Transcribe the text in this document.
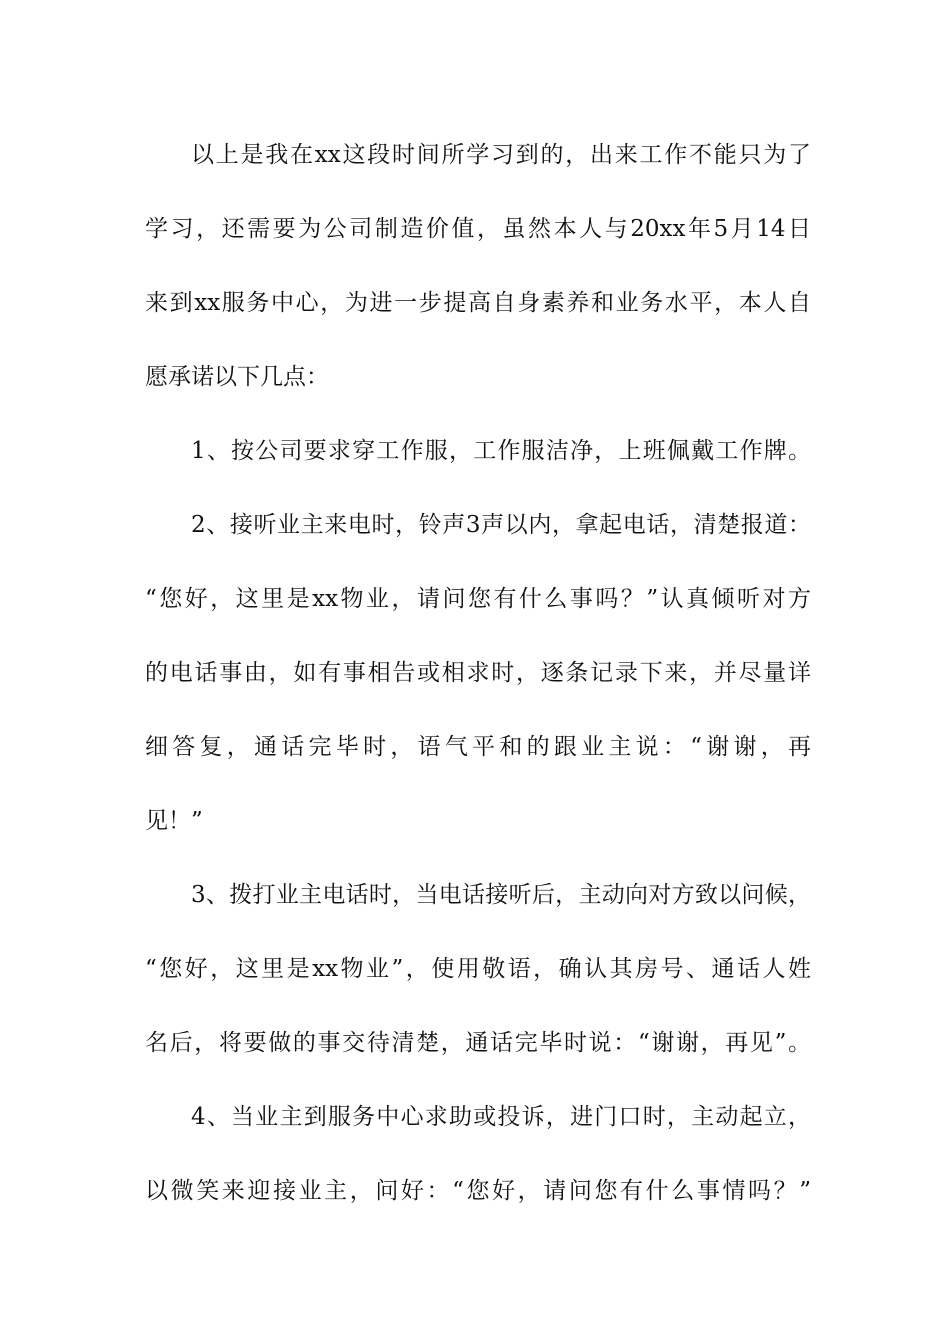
以上是我在xx这段时间所学习到的，出来工作不能只为了
学习，还需要为公司制造价值，虽然本人与20xx年5月14日
来到xx服务中心，为进一步提高自身素养和业务水平，本人自
愿承诺以下几点：
1、按公司要求穿工作服，工作服洁净，上班佩戴工作牌。
2、接听业主来电时，铃声3声以内，拿起电话，清楚报道：
“您好，这里是xx物业，请问您有什么事吗？”认真倾听对方
的电话事由，如有事相告或相求时，逐条记录下来，并尽量详
细答复，通话完毕时，语气平和的跟业主说：“谢谢，再
见！”
3、拨打业主电话时，当电话接听后，主动向对方致以问候，
“您好，这里是xx物业”，使用敬语，确认其房号、通话人姓
名后，将要做的事交待清楚，通话完毕时说：“谢谢，再见”。
4、当业主到服务中心求助或投诉，进门口时，主动起立，
以微笑来迎接业主，问好：“您好，请问您有什么事情吗？”
